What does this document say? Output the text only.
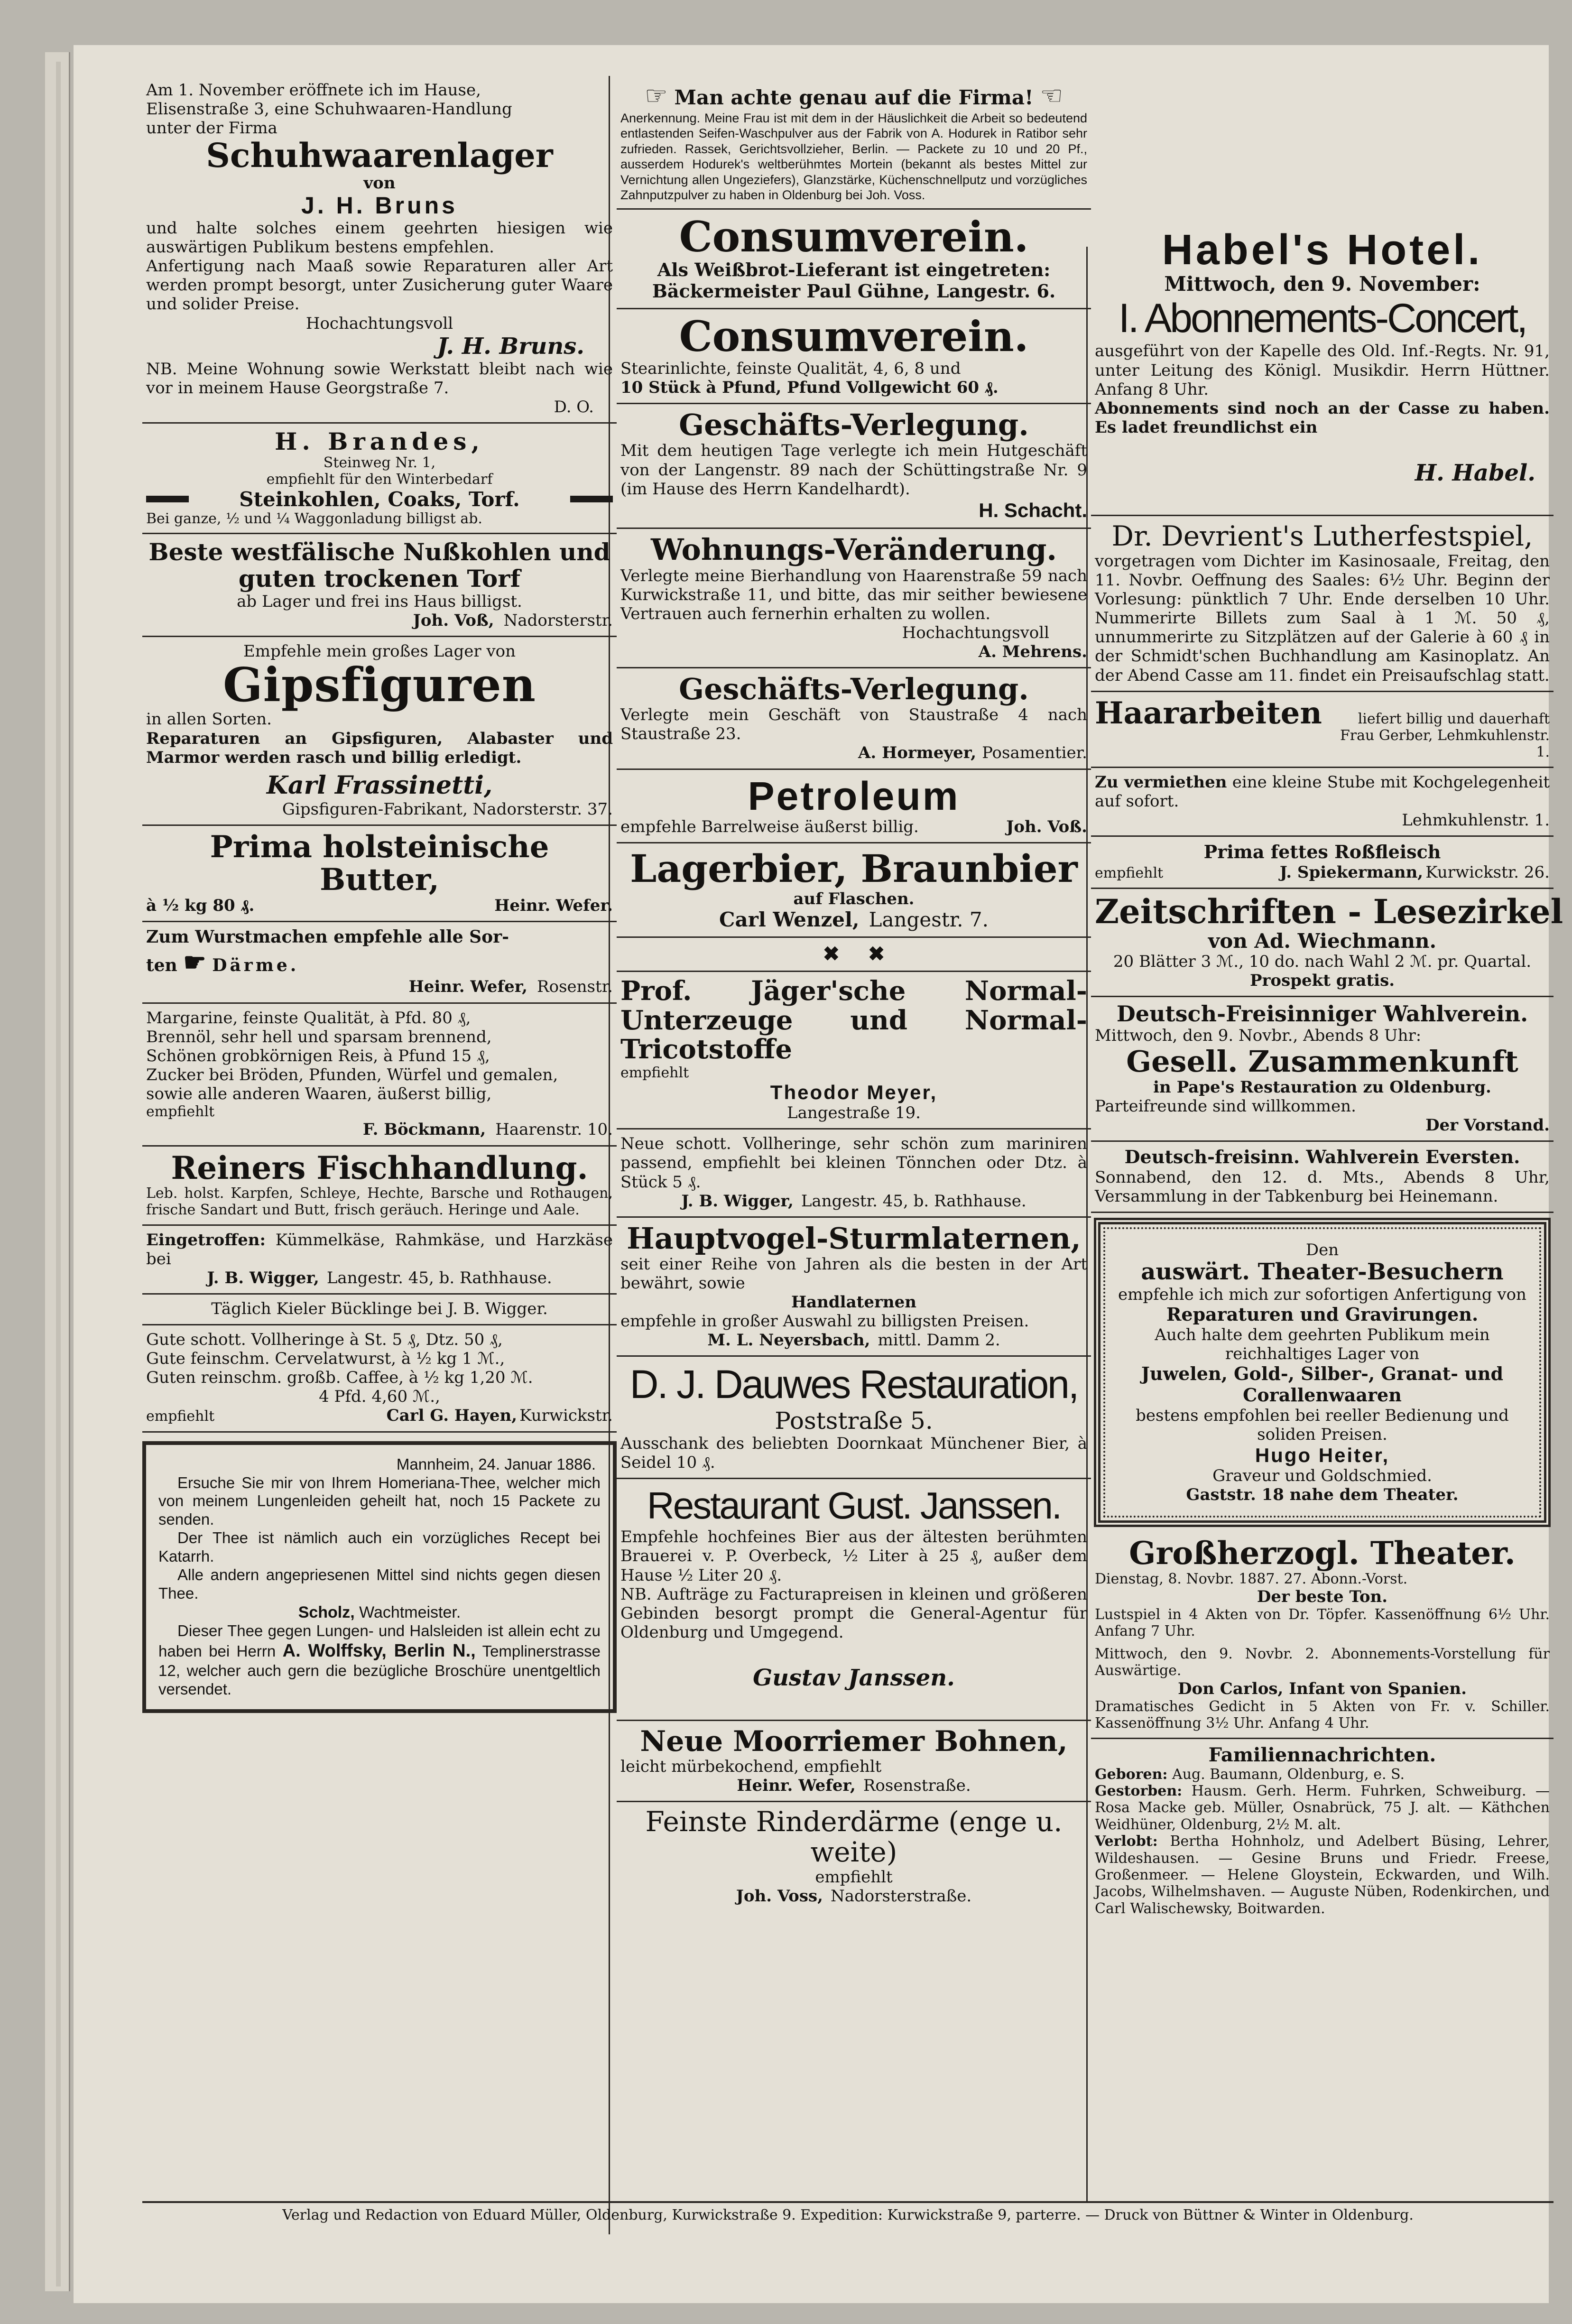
Am 1. November eröffnete ich im Hause,

Elisenstraße 3, eine Schuhwaaren-Handlung

unter der Firma

Schuhwaarenlager

von

J. H. Bruns

und halte solches einem geehrten hiesigen wie auswärtigen Publikum bestens empfehlen.

Anfertigung nach Maaß sowie Reparaturen aller Art werden prompt besorgt, unter Zusicherung guter Waare und solider Preise.

Hochachtungsvoll

J. H. Bruns.

NB. Meine Wohnung sowie Werkstatt bleibt nach wie vor in meinem Hause Georgstraße 7.

D. O.

H. Brandes,

Steinweg Nr. 1,

empfiehlt für den Winterbedarf

Steinkohlen, Coaks, Torf.

Bei ganze, ½ und ¼ Waggonladung billigst ab.

Beste westfälische Nußkohlen und

guten trockenen Torf

ab Lager und frei ins Haus billigst.

Joh. Voß, Nadorsterstr.

Empfehle mein großes Lager von

Gipsfiguren

in allen Sorten.

Reparaturen an Gipsfiguren, Alabaster und Marmor werden rasch und billig erledigt.

Karl Frassinetti,

Gipsfiguren-Fabrikant, Nadorsterstr. 37.

Prima holsteinische Butter,

à ½ kg 80 ₰.	Heinr. Wefer.

Zum Wurstmachen empfehle alle Sor-

ten ☛ Därme.

Heinr. Wefer, Rosenstr.

Margarine, feinste Qualität, à Pfd. 80 ₰,

Brennöl, sehr hell und sparsam brennend,

Schönen grobkörnigen Reis, à Pfund 15 ₰,

Zucker bei Bröden, Pfunden, Würfel und gemalen,

sowie alle anderen Waaren, äußerst billig,

empfiehlt

F. Böckmann, Haarenstr. 10.

Reiners Fischhandlung.

Leb. holst. Karpfen, Schleye, Hechte, Barsche und Rothaugen, frische Sandart und Butt, frisch geräuch. Heringe und Aale.

Eingetroffen: Kümmelkäse, Rahmkäse, und Harzkäse bei

J. B. Wigger, Langestr. 45, b. Rathhause.

Täglich Kieler Bücklinge bei J. B. Wigger.

Gute schott. Vollheringe à St. 5 ₰, Dtz. 50 ₰,

Gute feinschm. Cervelatwurst, à ½ kg 1 ℳ.,

Guten reinschm. großb. Caffee, à ½ kg 1,20 ℳ.

4 Pfd. 4,60 ℳ.,

empfiehlt	Carl G. Hayen, Kurwickstr.

Mannheim, 24. Januar 1886.

Ersuche Sie mir von Ihrem Homeriana-Thee, welcher mich von meinem Lungenleiden geheilt hat, noch 15 Packete zu senden.

Der Thee ist nämlich auch ein vorzügliches Recept bei Katarrh.

Alle andern angepriesenen Mittel sind nichts gegen diesen Thee.

Scholz, Wachtmeister.

Dieser Thee gegen Lungen- und Halsleiden ist allein echt zu haben bei Herrn A. Wolffsky, Berlin N., Templinerstrasse 12, welcher auch gern die bezügliche Broschüre unentgeltlich versendet.

☞ Man achte genau auf die Firma! ☜

Anerkennung. Meine Frau ist mit dem in der Häuslichkeit die Arbeit so bedeutend entlastenden Seifen-Waschpulver aus der Fabrik von A. Hodurek in Ratibor sehr zufrieden. Rassek, Gerichtsvollzieher, Berlin. — Packete zu 10 und 20 Pf., ausserdem Hodurek's weltberühmtes Mortein (bekannt als bestes Mittel zur Vernichtung allen Ungeziefers), Glanzstärke, Küchenschnellputz und vorzügliches Zahnputzpulver zu haben in Oldenburg bei Joh. Voss.

Consumverein.

Als Weißbrot-Lieferant ist eingetreten:

Bäckermeister Paul Gühne, Langestr. 6.

Consumverein.

Stearinlichte, feinste Qualität, 4, 6, 8 und

10 Stück à Pfund, Pfund Vollgewicht 60 ₰.

Geschäfts-Verlegung.

Mit dem heutigen Tage verlegte ich mein Hutgeschäft von der Langenstr. 89 nach der Schüttingstraße Nr. 9 (im Hause des Herrn Kandelhardt).

H. Schacht.

Wohnungs-Veränderung.

Verlegte meine Bierhandlung von Haarenstraße 59 nach Kurwickstraße 11, und bitte, das mir seither bewiesene Vertrauen auch fernerhin erhalten zu wollen.

Hochachtungsvoll

A. Mehrens.

Geschäfts-Verlegung.

Verlegte mein Geschäft von Staustraße 4 nach Staustraße 23.

A. Hormeyer, Posamentier.

Petroleum

empfehle Barrelweise äußerst billig.	Joh. Voß.

Lagerbier, Braunbier

auf Flaschen.

Carl Wenzel, Langestr. 7.
✖ ✖

Prof. Jäger'sche Normal-Unterzeuge und Normal-Tricotstoffe

empfiehlt

Theodor Meyer,

Langestraße 19.

Neue schott. Vollheringe, sehr schön zum mariniren passend, empfiehlt bei kleinen Tönnchen oder Dtz. à Stück 5 ₰.

J. B. Wigger, Langestr. 45, b. Rathhause.

Hauptvogel-Sturmlaternen,

seit einer Reihe von Jahren als die besten in der Art bewährt, sowie

Handlaternen

empfehle in großer Auswahl zu billigsten Preisen.

M. L. Neyersbach, mittl. Damm 2.
D. J. Dauwes Restauration,

Poststraße 5.

Ausschank des beliebten Doornkaat Münchener Bier, à Seidel 10 ₰.

Restaurant Gust. Janssen.

Empfehle hochfeines Bier aus der ältesten berühmten Brauerei v. P. Overbeck, ½ Liter à 25 ₰, außer dem Hause ½ Liter 20 ₰.

NB. Aufträge zu Facturapreisen in kleinen und größeren Gebinden besorgt prompt die General-Agentur für Oldenburg und Umgegend.

Gustav Janssen.

Neue Moorriemer Bohnen,

leicht mürbekochend, empfiehlt

Heinr. Wefer, Rosenstraße.

Feinste Rinderdärme (enge u. weite)

empfiehlt

Joh. Voss, Nadorsterstraße.

Habel's Hotel.

Mittwoch, den 9. November:

I. Abonnements-Concert,

ausgeführt von der Kapelle des Old. Inf.-Regts. Nr. 91, unter Leitung des Königl. Musikdir. Herrn Hüttner. Anfang 8 Uhr.

Abonnements sind noch an der Casse zu haben. Es ladet freundlichst ein

H. Habel.

Dr. Devrient's Lutherfestspiel,

vorgetragen vom Dichter im Kasinosaale, Freitag, den 11. Novbr. Oeffnung des Saales: 6½ Uhr. Beginn der Vorlesung: pünktlich 7 Uhr. Ende derselben 10 Uhr. Nummerirte Billets zum Saal à 1 ℳ. 50 ₰, unnummerirte zu Sitzplätzen auf der Galerie à 60 ₰ in der Schmidt'schen Buchhandlung am Kasinoplatz. An der Abend Casse am 11. findet ein Preisaufschlag statt.

Haararbeiten	liefert billig und dauerhaft

Frau Gerber, Lehmkuhlenstr. 1.

Zu vermiethen eine kleine Stube mit Kochgelegenheit auf sofort.

Lehmkuhlenstr. 1.

Prima fettes Roßfleisch

empfiehlt	J. Spiekermann, Kurwickstr. 26.

Zeitschriften - Lesezirkel

von Ad. Wiechmann.

20 Blätter 3 ℳ., 10 do. nach Wahl 2 ℳ. pr. Quartal.

Prospekt gratis.

Deutsch-Freisinniger Wahlverein.

Mittwoch, den 9. Novbr., Abends 8 Uhr:

Gesell. Zusammenkunft

in Pape's Restauration zu Oldenburg.

Parteifreunde sind willkommen.

Der Vorstand.

Deutsch-freisinn. Wahlverein Eversten.

Sonnabend, den 12. d. Mts., Abends 8 Uhr, Versammlung in der Tabkenburg bei Heinemann.

Den

auswärt. Theater-Besuchern

empfehle ich mich zur sofortigen Anfertigung von

Reparaturen und Gravirungen.

Auch halte dem geehrten Publikum mein reichhaltiges Lager von

Juwelen, Gold-, Silber-, Granat- und Corallenwaaren

bestens empfohlen bei reeller Bedienung und soliden Preisen.

Hugo Heiter,

Graveur und Goldschmied.

Gaststr. 18 nahe dem Theater.

Großherzogl. Theater.

Dienstag, 8. Novbr. 1887. 27. Abonn.-Vorst.

Der beste Ton.

Lustspiel in 4 Akten von Dr. Töpfer. Kassenöffnung 6½ Uhr. Anfang 7 Uhr.

Mittwoch, den 9. Novbr. 2. Abonnements-Vorstellung für Auswärtige.

Don Carlos, Infant von Spanien.

Dramatisches Gedicht in 5 Akten von Fr. v. Schiller. Kassenöffnung 3½ Uhr. Anfang 4 Uhr.

Familiennachrichten.

Geboren: Aug. Baumann, Oldenburg, e. S.

Gestorben: Hausm. Gerh. Herm. Fuhrken, Schweiburg. — Rosa Macke geb. Müller, Osnabrück, 75 J. alt. — Käthchen Weidhüner, Oldenburg, 2½ M. alt.

Verlobt: Bertha Hohnholz, und Adelbert Büsing, Lehrer, Wildeshausen. — Gesine Bruns und Friedr. Freese, Großenmeer. — Helene Gloystein, Eckwarden, und Wilh. Jacobs, Wilhelmshaven. — Auguste Nüben, Rodenkirchen, und Carl Walischewsky, Boitwarden.

Verlag und Redaction von Eduard Müller, Oldenburg, Kurwickstraße 9. Expedition: Kurwickstraße 9, parterre. — Druck von Büttner & Winter in Oldenburg.
